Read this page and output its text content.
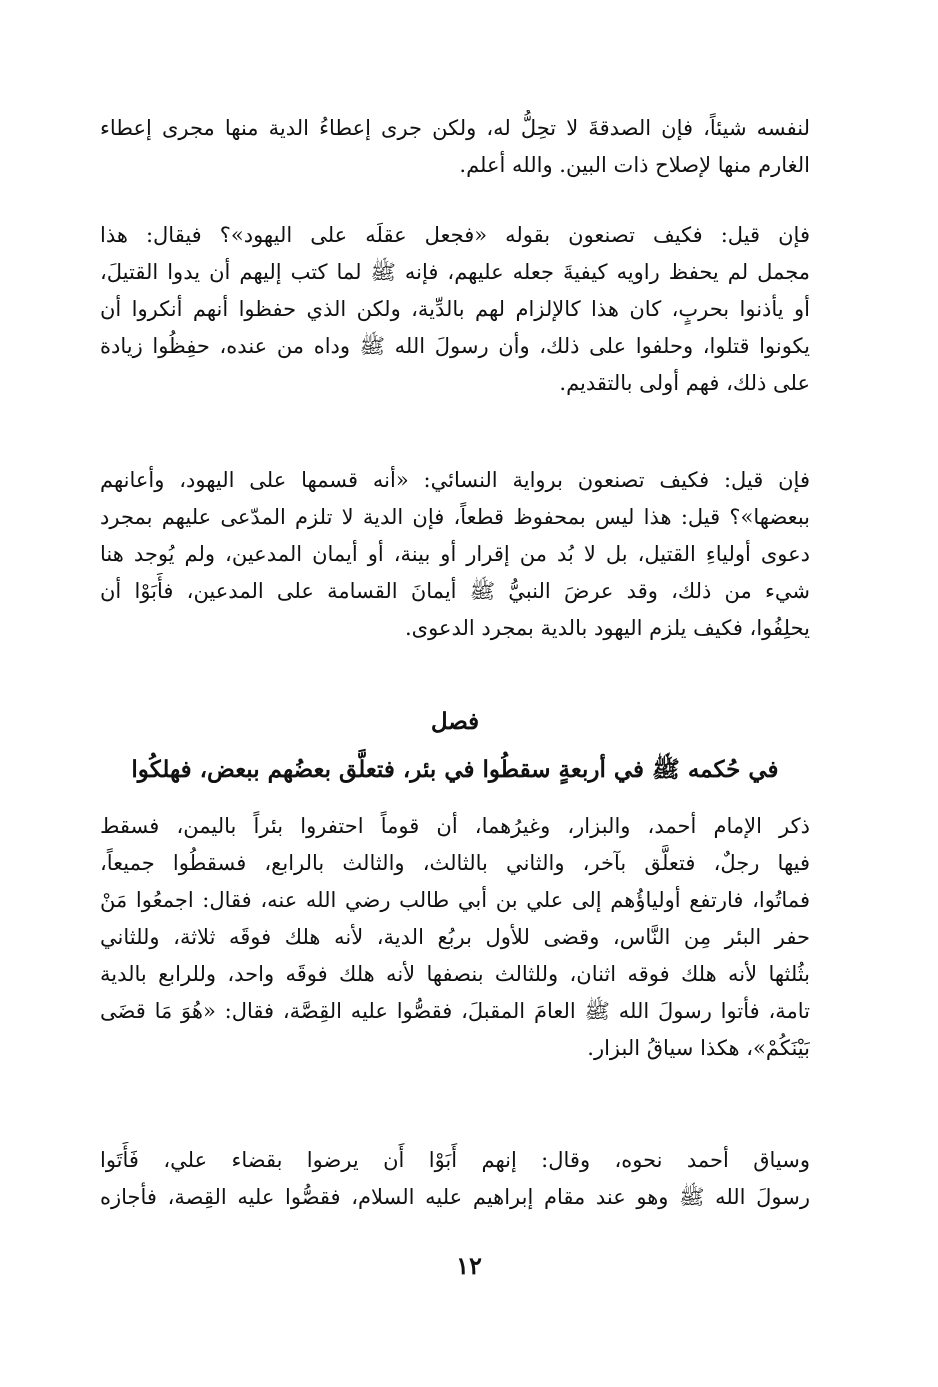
لنفسه شيئاً، فإن الصدقةَ لا تحِلُّ له، ولكن جرى إعطاءُ الدية منها مجرى إعطاء
الغارم منها لإصلاح ذات البين. والله أعلم.
فإن قيل: فكيف تصنعون بقوله «فجعل عقلَه على اليهود»؟ فيقال: هذا
مجمل لم يحفظ راويه كيفيةَ جعله عليهم، فإنه ﷺ لما كتب إليهم أن يدوا القتيلَ،
أو يأذنوا بحربٍ، كان هذا كالإلزام لهم بالدِّية، ولكن الذي حفظوا أنهم أنكروا أن
يكونوا قتلوا، وحلفوا على ذلك، وأن رسولَ الله ﷺ وداه من عنده، حفِظُوا زيادة
على ذلك، فهم أولى بالتقديم.
فإن قيل: فكيف تصنعون برواية النسائي: «أنه قسمها على اليهود، وأعانهم
ببعضها»؟ قيل: هذا ليس بمحفوظ قطعاً، فإن الدية لا تلزم المدّعى عليهم بمجرد
دعوى أولياءِ القتيل، بل لا بُد من إقرار أو بينة، أو أيمان المدعين، ولم يُوجد هنا
شيء من ذلك، وقد عرضَ النبيُّ ﷺ أيمانَ القسامة على المدعين، فأَبَوْا أن
يحلِفُوا، فكيف يلزم اليهود بالدية بمجرد الدعوى.
فصل
في حُكمه ﷺ في أربعةٍ سقطُوا في بئر، فتعلَّق بعضُهم ببعض، فهلكُوا
ذكر الإمام أحمد، والبزار، وغيرُهما، أن قوماً احتفروا بئراً باليمن، فسقط
فيها رجلٌ، فتعلَّق بآخر، والثاني بالثالث، والثالث بالرابع، فسقطُوا جميعاً،
فماتُوا، فارتفع أولياؤُهم إلى علي بن أبي طالب رضي الله عنه، فقال: اجمعُوا مَنْ
حفر البئر مِن النَّاس، وقضى للأول بربُع الدية، لأنه هلك فوقَه ثلاثة، وللثاني
بثُلثها لأنه هلك فوقه اثنان، وللثالث بنصفها لأنه هلك فوقَه واحد، وللرابع بالدية
تامة، فأتوا رسولَ الله ﷺ العامَ المقبلَ، فقصُّوا عليه القِصَّة، فقال: «هُوَ مَا قضَى
بَيْنَكُمْ»، هكذا سياقُ البزار.
وسياق أحمد نحوه، وقال: إنهم أَبَوْا أَن يرضوا بقضاء علي، فَأَتَوا
رسولَ الله ﷺ وهو عند مقام إبراهيم عليه السلام، فقصُّوا عليه القِصة، فأجازه
١٢
